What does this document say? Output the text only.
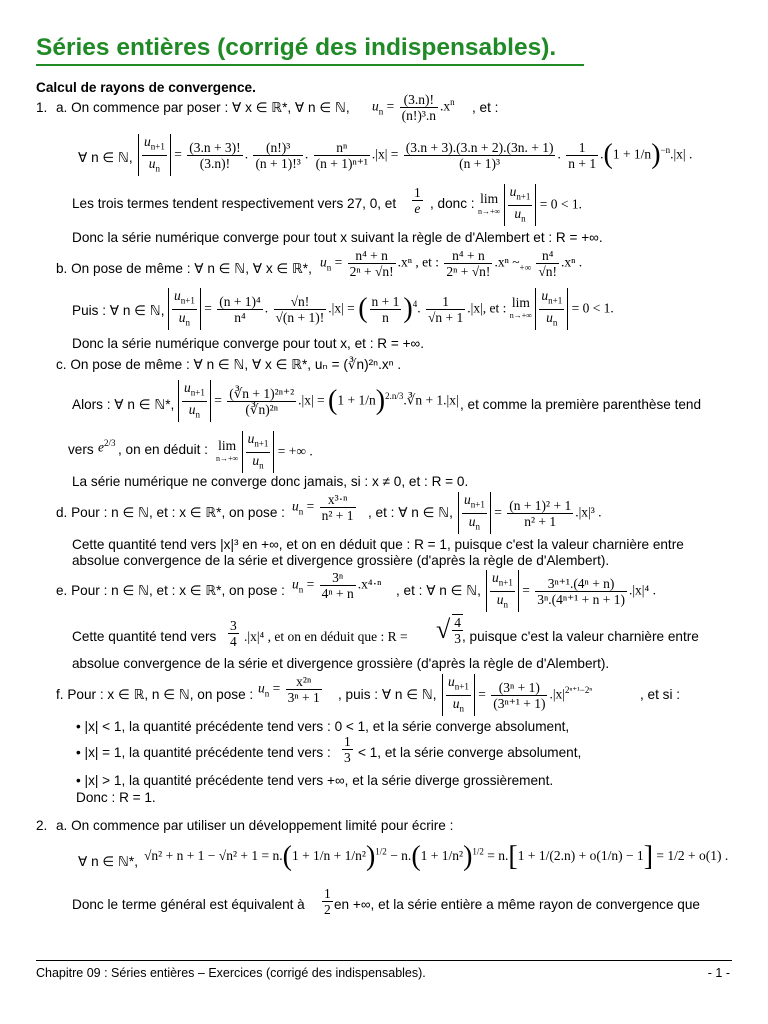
Séries entières (corrigé des indispensables).
Calcul de rayons de convergence.
1. a. On commence par poser : ∀ x ∈ ℝ*, ∀ n ∈ ℕ, $u_n = \frac{(3.n)!}{\text{(n!)³.n}} .x^n$ , et :
∀ n ∈ ℕ, $\frac{u_{n+1}}{u_n} = \frac{(3.n + 3)!}{(3.n)!}$ . $\frac{\text{(n!)³}}{\text{(n + 1)!³}}$ . $\frac{\text{nⁿ}}{\text{(n + 1)ⁿ⁺¹}} .|x| = \frac{(3.n + 3).(3.n + 2).(3n. + 1)}{\text{(n + 1)³}}$ . $\frac{1}{n + 1} .(1 + 1/n)^{-n}.|x|$ .
Les trois termes tendent respectivement vers 27, 0, et $\frac{1}{e}$ , donc : lim
n→+∞
$\frac{u_{n+1}}{u_n} = 0 < 1$.
Donc la série numérique converge pour tout x suivant la règle de d'Alembert et : R = +∞.
b. On pose de même : ∀ n ∈ ℕ, ∀ x ∈ ℝ*, $u_n = \frac{\text{n⁴ + n}}{\text{2ⁿ + √n!}} .x^n$ , et : $\frac{\text{n⁴ + n}}{\text{2ⁿ + √n!}} .x^n$ $\sim_{+\infty} \frac{\text{n⁴}}{√n!} .x^n$ .
Puis : ∀ n ∈ ℕ, $\frac{u_{n+1}}{u_n} = \frac{\text{(n + 1)⁴}}{\text{n⁴}}$ . $\frac{√n!}{√(n + 1)!} .|x|$ = ( $\frac{n + 1}{n} )^4$. $\frac{1}{√n + 1} .|x|$, et : lim
n→+∞
$\frac{u_{n+1}}{u_n} = 0 < 1$.
Donc la série numérique converge pour tout x, et : R = +∞.
c. On pose de même : ∀ n ∈ ℕ, ∀ x ∈ ℝ*, uₙ = (∛n)²ⁿ.xⁿ .
Alors : ∀ n ∈ ℕ*, $\frac{u_{n+1}}{u_n} = \frac{\text{(∛n + 1)²ⁿ⁺²}}{\text{(∛n)²ⁿ}} .|x| = (1$ + $1/n)^{2.n/3}.∛n + 1.|x|$ , et comme la première parenthèse tend
vers $e^{2/3}$ , on en déduit : lim
n→+∞
$\frac{u_{n+1}}{u_n}$ = +∞ .
La série numérique ne converge donc jamais, si : x ≠ 0, et : R = 0.
d. Pour : n ∈ ℕ, et : x ∈ ℝ*, on pose : $u_n = \frac{\text{x³·ⁿ}}{\text{n² + 1}}$ , et : ∀ n ∈ ℕ, $\frac{u_{n+1}}{u_n} = \frac{\text{(n + 1)² + 1}}{\text{n² + 1}} .|x|^3$ .
Cette quantité tend vers |x|³ en +∞, et on en déduit que : R = 1, puisque c'est la valeur charnière entre
absolue convergence de la série et divergence grossière (d'après la règle de d'Alembert).
e. Pour : n ∈ ℕ, et : x ∈ ℝ*, on pose : $u_n = \frac{\text{3ⁿ}}{\text{4ⁿ + n}} .x^4\cdot^n$ , et : ∀ n ∈ ℕ, $\frac{u_{n+1}}{u_n} = \frac{\text{3ⁿ⁺¹.(4ⁿ + n)}}{\text{3ⁿ.(4ⁿ⁺¹ + n + 1)}} .|x|^4$ .
Cette quantité tend vers $\frac{3}{4} .|x|^4$ , et on en déduit que : R = √ $\frac{4}{3}$
, puisque c'est la valeur charnière entre
absolue convergence de la série et divergence grossière (d'après la règle de d'Alembert).
f. Pour : x ∈ ℝ, n ∈ ℕ, on pose : $u_n = \frac{\text{x²ⁿ}}{\text{3ⁿ + 1}}$ , puis : ∀ n ∈ ℕ, $\frac{u_{n+1}}{u_n} = \frac{\text{(3ⁿ + 1)}}{\text{(3ⁿ⁺¹ + 1)}} .|x|^{2^{n+1}-2^n}$	, et si :
• |x| < 1, la quantité précédente tend vers : 0 < 1, et la série converge absolument,
• |x| = 1, la quantité précédente tend vers : $\frac{1}{3} < 1$, et la série converge absolument,
• |x| > 1, la quantité précédente tend vers +∞, et la série diverge grossièrement.
Donc : R = 1.
2. a. On commence par utiliser un développement limité pour écrire :
∀ n ∈ ℕ*, $√n^2 + n + 1 - √n^2 + 1 = n.(1 + 1/n + 1/n^2)^{1/2} - n.(1 + 1/n^2)^{1/2} = n.[1 + 1/(2.n) + o(1/n) - 1] = 1/2 + o(1)$ .
Donc le terme général est équivalent à $\frac{1}{2}$ en +∞, et la série entière a même rayon de convergence que
Chapitre 09 : Séries entières – Exercices (corrigé des indispensables).	- 1 -
